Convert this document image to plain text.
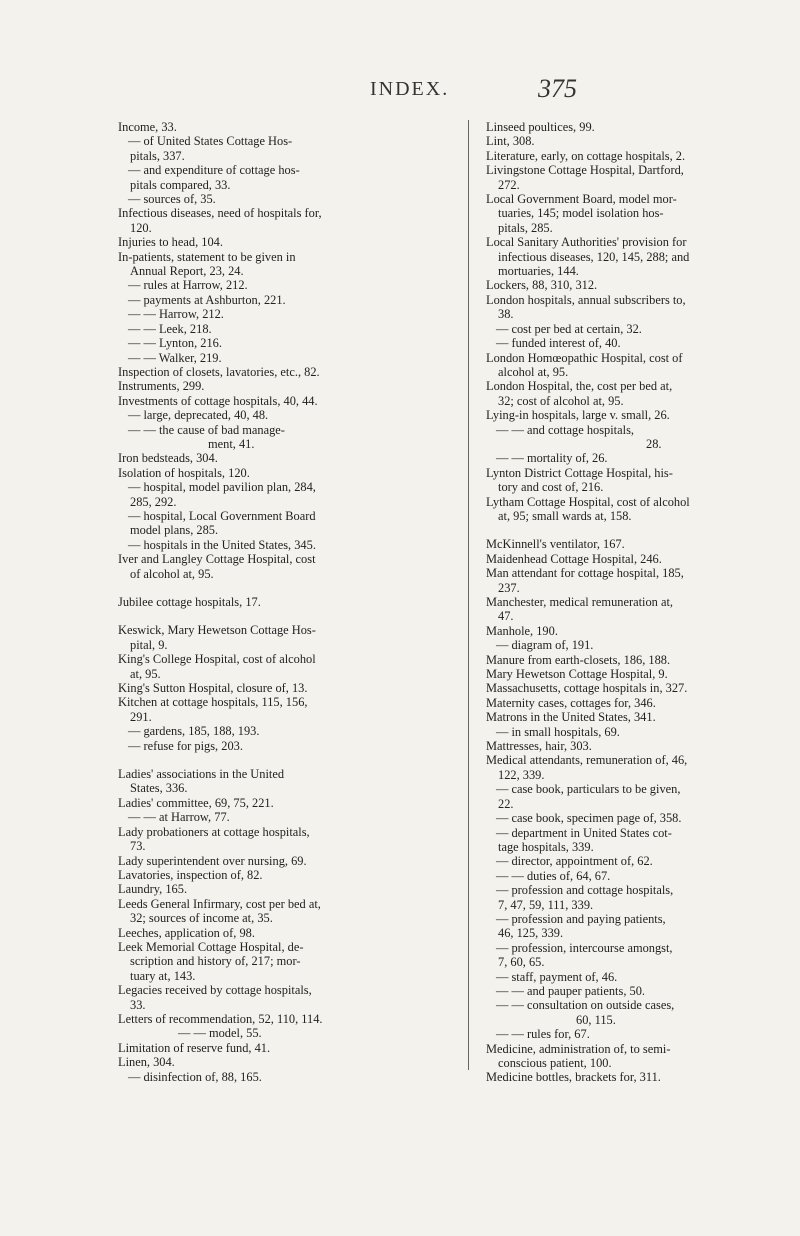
INDEX.	375
Income, 33.
— of United States Cottage Hos-
pitals, 337.
— and expenditure of cottage hos-
pitals compared, 33.
— sources of, 35.
Infectious diseases, need of hospitals for,
120.
Injuries to head, 104.
In-patients, statement to be given in
Annual Report, 23, 24.
— rules at Harrow, 212.
— payments at Ashburton, 221.
— — Harrow, 212.
— — Leek, 218.
— — Lynton, 216.
— — Walker, 219.
Inspection of closets, lavatories, etc., 82.
Instruments, 299.
Investments of cottage hospitals, 40, 44.
— large, deprecated, 40, 48.
— — the cause of bad manage-
ment, 41.
Iron bedsteads, 304.
Isolation of hospitals, 120.
— hospital, model pavilion plan, 284,
285, 292.
— hospital, Local Government Board
model plans, 285.
— hospitals in the United States, 345.
Iver and Langley Cottage Hospital, cost
of alcohol at, 95.
Jubilee cottage hospitals, 17.
Keswick, Mary Hewetson Cottage Hos-
pital, 9.
King's College Hospital, cost of alcohol
at, 95.
King's Sutton Hospital, closure of, 13.
Kitchen at cottage hospitals, 115, 156,
291.
— gardens, 185, 188, 193.
— refuse for pigs, 203.
Ladies' associations in the United
States, 336.
Ladies' committee, 69, 75, 221.
— — at Harrow, 77.
Lady probationers at cottage hospitals,
73.
Lady superintendent over nursing, 69.
Lavatories, inspection of, 82.
Laundry, 165.
Leeds General Infirmary, cost per bed at,
32; sources of income at, 35.
Leeches, application of, 98.
Leek Memorial Cottage Hospital, de-
scription and history of, 217; mor-
tuary at, 143.
Legacies received by cottage hospitals,
33.
Letters of recommendation, 52, 110, 114.
— — model, 55.
Limitation of reserve fund, 41.
Linen, 304.
— disinfection of, 88, 165.
Linseed poultices, 99.
Lint, 308.
Literature, early, on cottage hospitals, 2.
Livingstone Cottage Hospital, Dartford,
272.
Local Government Board, model mor-
tuaries, 145; model isolation hos-
pitals, 285.
Local Sanitary Authorities' provision for
infectious diseases, 120, 145, 288; and
mortuaries, 144.
Lockers, 88, 310, 312.
London hospitals, annual subscribers to,
38.
— cost per bed at certain, 32.
— funded interest of, 40.
London Homœopathic Hospital, cost of
alcohol at, 95.
London Hospital, the, cost per bed at,
32; cost of alcohol at, 95.
Lying-in hospitals, large v. small, 26.
— — and cottage hospitals,
28.
— — mortality of, 26.
Lynton District Cottage Hospital, his-
tory and cost of, 216.
Lytham Cottage Hospital, cost of alcohol
at, 95; small wards at, 158.
McKinnell's ventilator, 167.
Maidenhead Cottage Hospital, 246.
Man attendant for cottage hospital, 185,
237.
Manchester, medical remuneration at,
47.
Manhole, 190.
— diagram of, 191.
Manure from earth-closets, 186, 188.
Mary Hewetson Cottage Hospital, 9.
Massachusetts, cottage hospitals in, 327.
Maternity cases, cottages for, 346.
Matrons in the United States, 341.
— in small hospitals, 69.
Mattresses, hair, 303.
Medical attendants, remuneration of, 46,
122, 339.
— case book, particulars to be given,
22.
— case book, specimen page of, 358.
— department in United States cot-
tage hospitals, 339.
— director, appointment of, 62.
— — duties of, 64, 67.
— profession and cottage hospitals,
7, 47, 59, 111, 339.
— profession and paying patients,
46, 125, 339.
— profession, intercourse amongst,
7, 60, 65.
— staff, payment of, 46.
— — and pauper patients, 50.
— — consultation on outside cases,
60, 115.
— — rules for, 67.
Medicine, administration of, to semi-
conscious patient, 100.
Medicine bottles, brackets for, 311.
